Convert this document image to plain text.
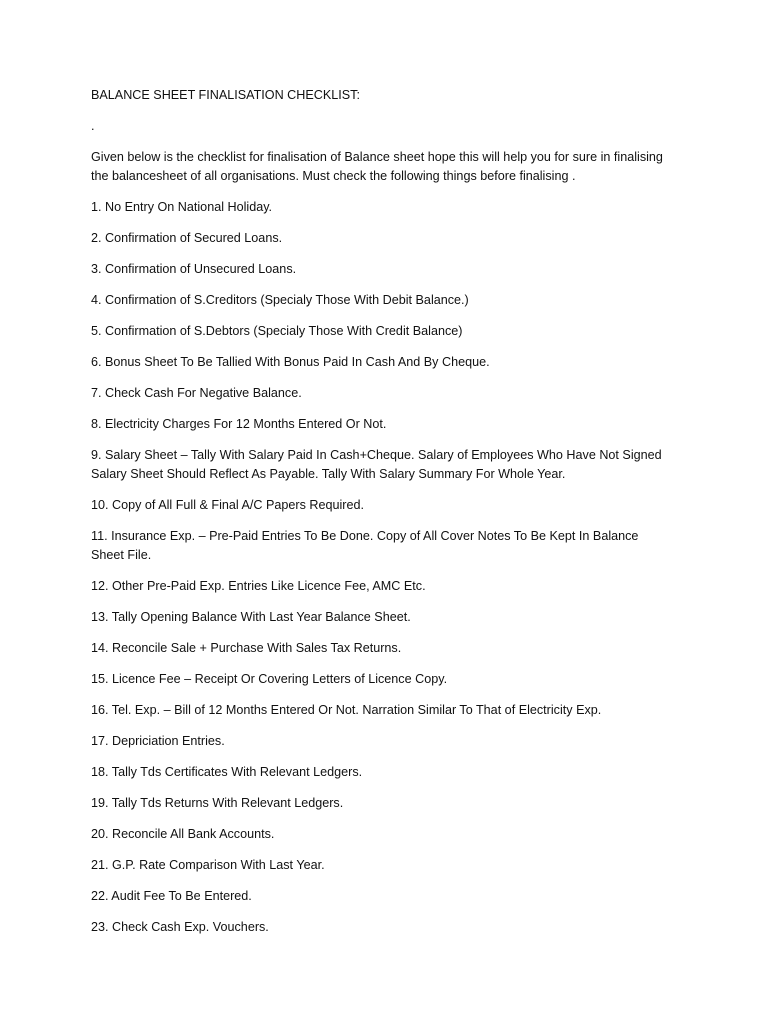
BALANCE SHEET FINALISATION CHECKLIST:

.

Given below is the checklist for finalisation of Balance sheet hope this will help you for sure in finalising the balancesheet of all organisations. Must check the following things before finalising .

1. No Entry On National Holiday.

2. Confirmation of Secured Loans.

3. Confirmation of Unsecured Loans.

4. Confirmation of S.Creditors (Specialy Those With Debit Balance.)

5. Confirmation of S.Debtors (Specialy Those With Credit Balance)

6. Bonus Sheet To Be Tallied With Bonus Paid In Cash And By Cheque.

7. Check Cash For Negative Balance.

8. Electricity Charges For 12 Months Entered Or Not.

9. Salary Sheet – Tally With Salary Paid In Cash+Cheque. Salary of Employees Who Have Not Signed Salary Sheet Should Reflect As Payable. Tally With Salary Summary For Whole Year.

10. Copy of All Full & Final A/C Papers Required.

11. Insurance Exp. – Pre-Paid Entries To Be Done. Copy of All Cover Notes To Be Kept In Balance Sheet File.

12. Other Pre-Paid Exp. Entries Like Licence Fee, AMC Etc.

13. Tally Opening Balance With Last Year Balance Sheet.

14. Reconcile Sale + Purchase With Sales Tax Returns.

15. Licence Fee – Receipt Or Covering Letters of Licence Copy.

16. Tel. Exp. – Bill of 12 Months Entered Or Not. Narration Similar To That of Electricity Exp.

17. Depriciation Entries.

18. Tally Tds Certificates With Relevant Ledgers.

19. Tally Tds Returns With Relevant Ledgers.

20. Reconcile All Bank Accounts.

21. G.P. Rate Comparison With Last Year.

22. Audit Fee To Be Entered.

23. Check Cash Exp. Vouchers.
